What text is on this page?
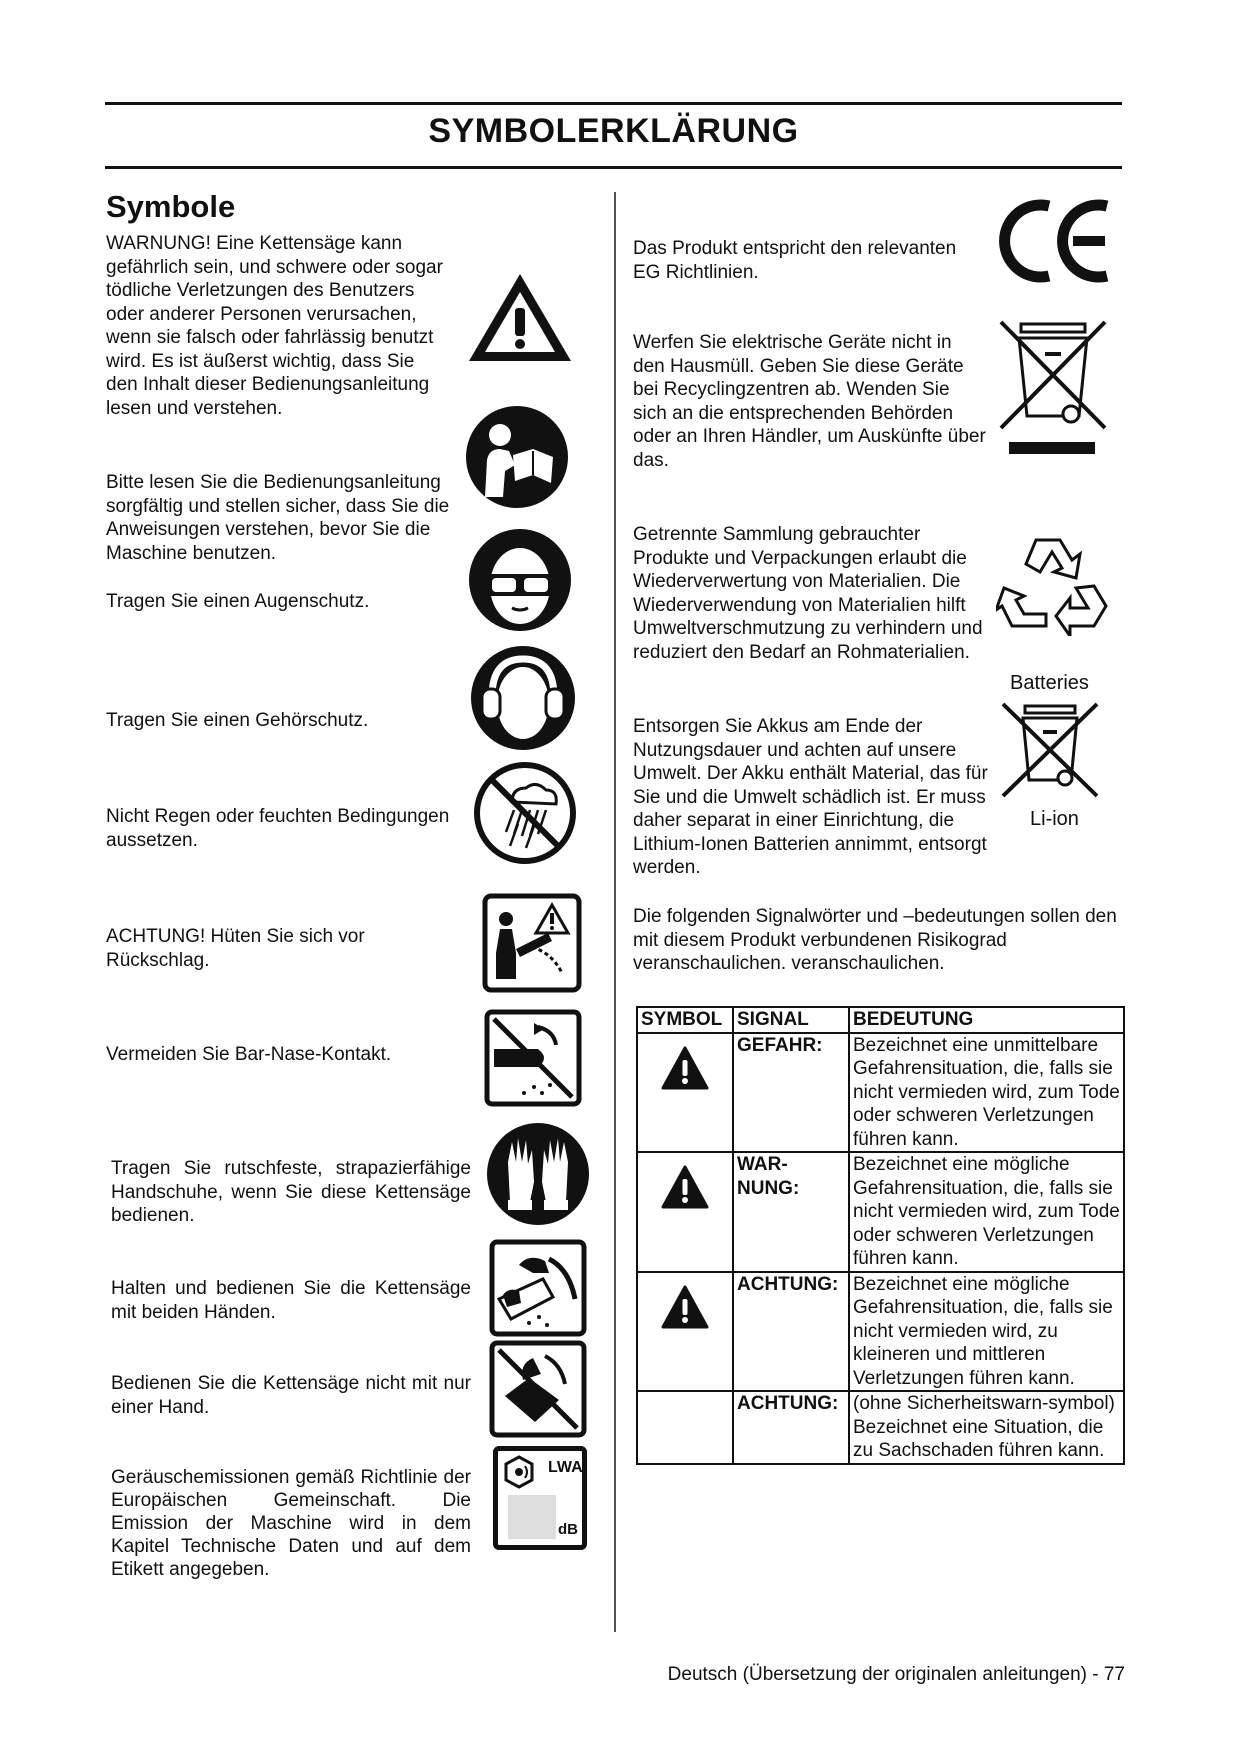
SYMBOLERKLÄRUNG
Symbole
WARNUNG! Eine Kettensäge kann gefährlich sein, und schwere oder sogar tödliche Verletzungen des Benutzers oder anderer Personen verursachen, wenn sie falsch oder fahrlässig benutzt wird. Es ist äußerst wichtig, dass Sie den Inhalt dieser Bedienungsanleitung lesen und verstehen.
Bitte lesen Sie die Bedienungsanleitung sorgfältig und stellen sicher, dass Sie die Anweisungen verstehen, bevor Sie die Maschine benutzen.
Tragen Sie einen Augenschutz.
Tragen Sie einen Gehörschutz.
Nicht Regen oder feuchten Bedingungen aussetzen.
ACHTUNG! Hüten Sie sich vor Rückschlag.
Vermeiden Sie Bar-Nase-Kontakt.
Tragen Sie rutschfeste, strapazierfähige Handschuhe, wenn Sie diese Kettensäge bedienen.
Halten und bedienen Sie die Kettensäge mit beiden Händen.
Bedienen Sie die Kettensäge nicht mit nur einer Hand.
Geräuschemissionen gemäß Richtlinie der Europäischen Gemeinschaft. Die Emission der Maschine wird in dem Kapitel Technische Daten und auf dem Etikett angegeben.
LWA
dB
Das Produkt entspricht den relevanten EG Richtlinien.
Werfen Sie elektrische Geräte nicht in den Hausmüll. Geben Sie diese Geräte bei Recyclingzentren ab. Wenden Sie sich an die entsprechenden Behörden oder an Ihren Händler, um Auskünfte über das.
Getrennte Sammlung gebrauchter Produkte und Verpackungen erlaubt die Wiederverwertung von Materialien. Die Wiederverwendung von Materialien hilft Umweltverschmutzung zu verhindern und reduziert den Bedarf an Rohmaterialien.
Batteries
Li-ion
Entsorgen Sie Akkus am Ende der Nutzungsdauer und achten auf unsere Umwelt. Der Akku enthält Material, das für Sie und die Umwelt schädlich ist. Er muss daher separat in einer Einrichtung, die Lithium-Ionen Batterien annimmt, entsorgt werden.
Die folgenden Signalwörter und –bedeutungen sollen den mit diesem Produkt verbundenen Risikograd veranschaulichen. veranschaulichen.
SYMBOL	SIGNAL	BEDEUTUNG
	GEFAHR:	Bezeichnet eine unmittelbare Gefahrensituation, die, falls sie nicht vermieden wird, zum Tode oder schweren Verletzungen führen kann.
	WAR-NUNG:	Bezeichnet eine mögliche Gefahrensituation, die, falls sie nicht vermieden wird, zum Tode oder schweren Verletzungen führen kann.
	ACHTUNG:	Bezeichnet eine mögliche Gefahrensituation, die, falls sie nicht vermieden wird, zu kleineren und mittleren Verletzungen führen kann.
	ACHTUNG:	(ohne Sicherheitswarn-symbol) Bezeichnet eine Situation, die zu Sachschaden führen kann.
Deutsch (Übersetzung der originalen anleitungen) - 77
